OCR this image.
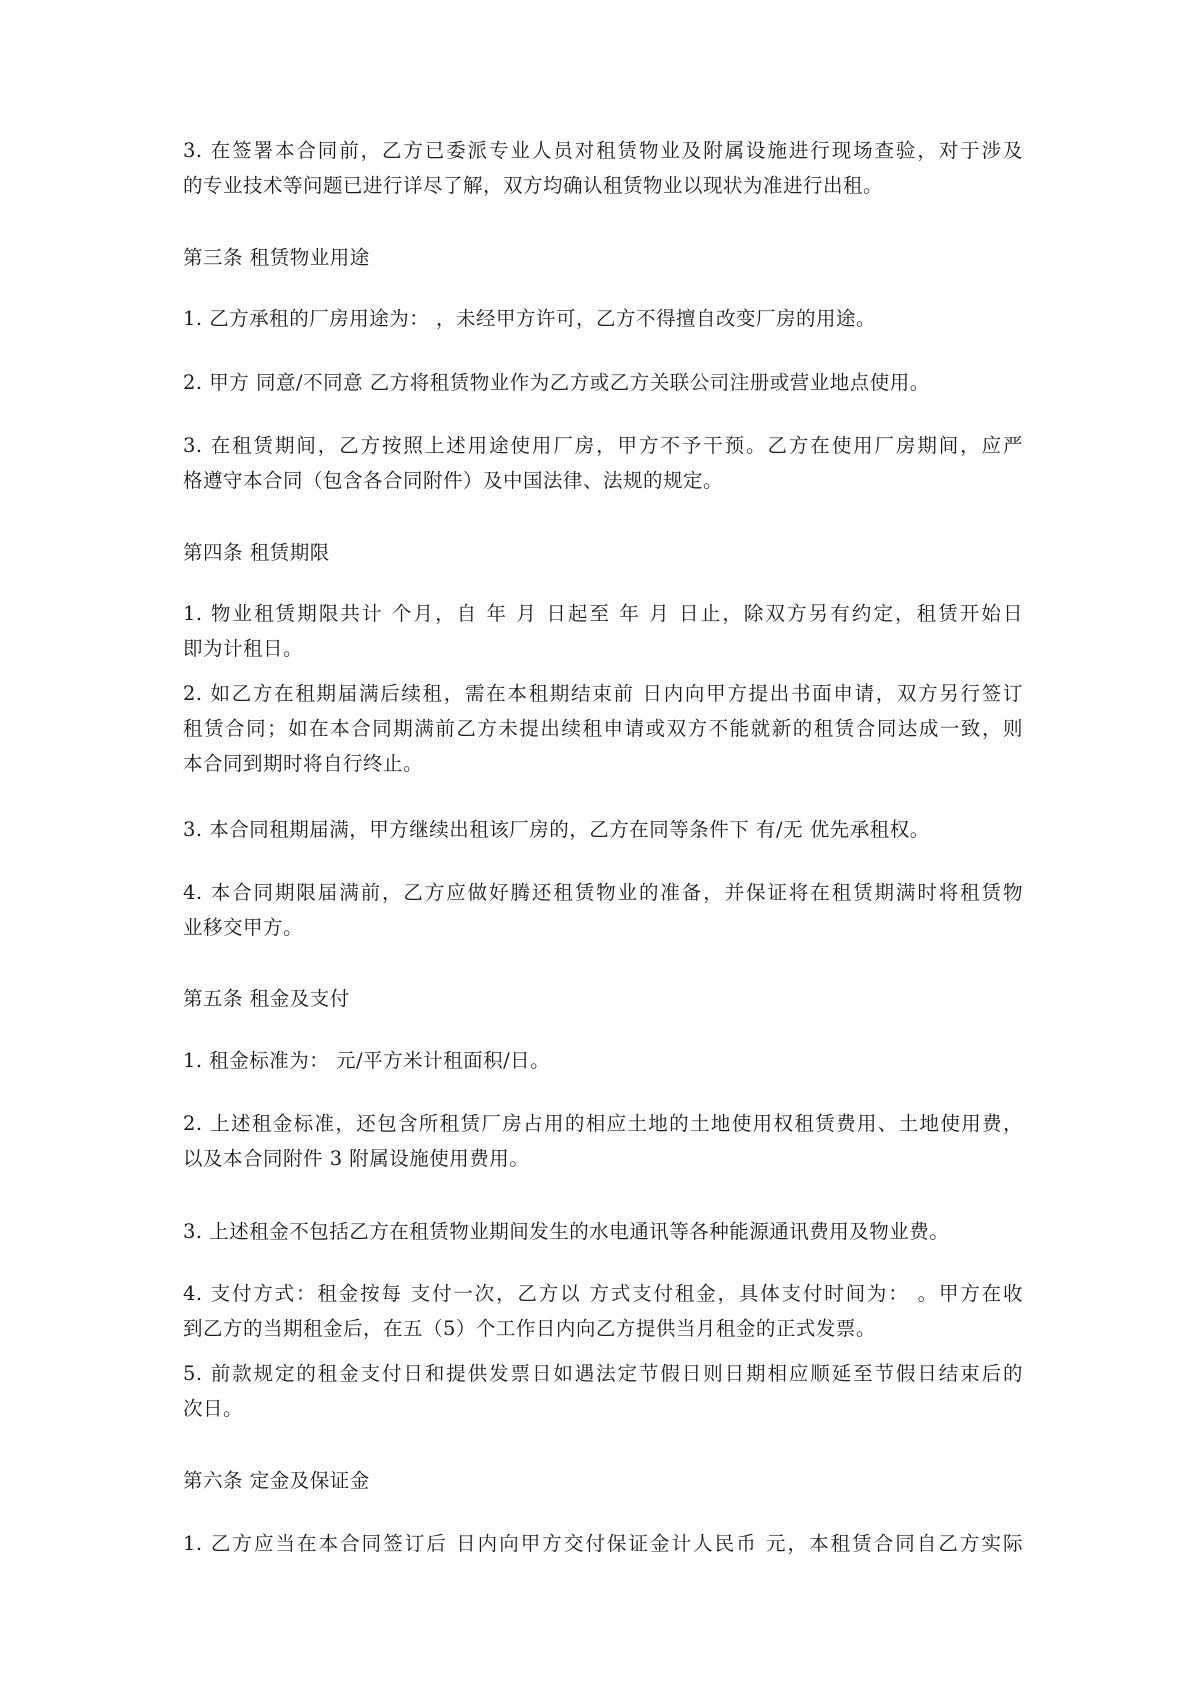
3. 在签署本合同前，乙方已委派专业人员对租赁物业及附属设施进行现场查验，对于涉及
的专业技术等问题已进行详尽了解，双方均确认租赁物业以现状为准进行出租。
第三条 租赁物业用途
1. 乙方承租的厂房用途为： ，未经甲方许可，乙方不得擅自改变厂房的用途。
2. 甲方 同意/不同意 乙方将租赁物业作为乙方或乙方关联公司注册或营业地点使用。
3. 在租赁期间，乙方按照上述用途使用厂房，甲方不予干预。乙方在使用厂房期间，应严
格遵守本合同（包含各合同附件）及中国法律、法规的规定。
第四条 租赁期限
1. 物业租赁期限共计 个月，自 年 月 日起至 年 月 日止，除双方另有约定，租赁开始日
即为计租日。
2. 如乙方在租期届满后续租，需在本租期结束前 日内向甲方提出书面申请，双方另行签订
租赁合同；如在本合同期满前乙方未提出续租申请或双方不能就新的租赁合同达成一致，则
本合同到期时将自行终止。
3. 本合同租期届满，甲方继续出租该厂房的，乙方在同等条件下 有/无 优先承租权。
4. 本合同期限届满前，乙方应做好腾还租赁物业的准备，并保证将在租赁期满时将租赁物
业移交甲方。
第五条 租金及支付
1. 租金标准为： 元/平方米计租面积/日。
2. 上述租金标准，还包含所租赁厂房占用的相应土地的土地使用权租赁费用、土地使用费，
以及本合同附件 3 附属设施使用费用。
3. 上述租金不包括乙方在租赁物业期间发生的水电通讯等各种能源通讯费用及物业费。
4. 支付方式：租金按每 支付一次，乙方以 方式支付租金，具体支付时间为： 。甲方在收
到乙方的当期租金后，在五（5）个工作日内向乙方提供当月租金的正式发票。
5. 前款规定的租金支付日和提供发票日如遇法定节假日则日期相应顺延至节假日结束后的
次日。
第六条 定金及保证金
1. 乙方应当在本合同签订后 日内向甲方交付保证金计人民币 元，本租赁合同自乙方实际
